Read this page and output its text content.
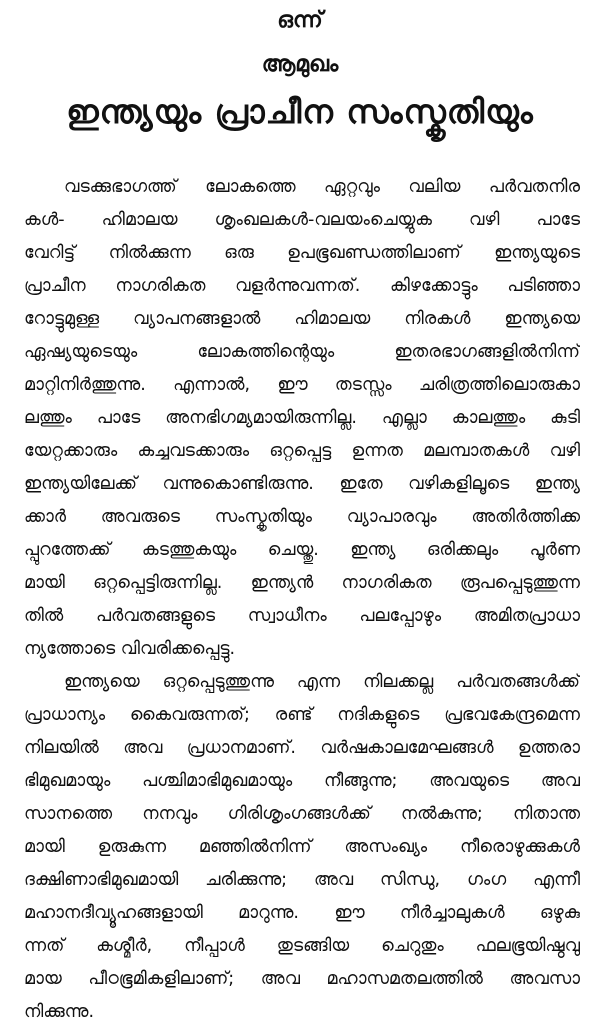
ഒന്ന്
ആമുഖം
ഇന്ത്യയും പ്രാചീന സംസ്കൃതിയും
വടക്കുഭാഗത്ത് ലോകത്തെ ഏറ്റവും വലിയ പർവതനിര
കൾ- ഹിമാലയ ശൃംഖലകൾ-വലയംചെയ്യുക വഴി പാടേ
വേറിട്ട് നിൽക്കുന്ന ഒരു ഉപഭൂഖണ്ഡത്തിലാണ് ഇന്ത്യയുടെ
പ്രാചീന നാഗരികത വളർന്നുവന്നത്. കിഴക്കോട്ടും പടിഞ്ഞാ
റോട്ടുമുള്ള വ്യാപനങ്ങളാൽ ഹിമാലയ നിരകൾ ഇന്ത്യയെ
ഏഷ്യയുടെയും ലോകത്തിന്റെയും ഇതരഭാഗങ്ങളിൽനിന്ന്
മാറ്റിനിർത്തുന്നു. എന്നാൽ, ഈ തടസ്സം ചരിത്രത്തിലൊരുകാ
ലത്തും പാടേ അനഭിഗമ്യമായിരുന്നില്ല. എല്ലാ കാലത്തും കുടി
യേറ്റക്കാരും കച്ചവടക്കാരും ഒറ്റപ്പെട്ട ഉന്നത മലമ്പാതകൾ വഴി
ഇന്ത്യയിലേക്ക് വന്നുകൊണ്ടിരുന്നു. ഇതേ വഴികളിലൂടെ ഇന്ത്യ
ക്കാർ അവരുടെ സംസ്കൃതിയും വ്യാപാരവും അതിർത്തിക്ക
പ്പുറത്തേക്ക് കടത്തുകയും ചെയ്തു. ഇന്ത്യ ഒരിക്കലും പൂർണ
മായി ഒറ്റപ്പെട്ടിരുന്നില്ല. ഇന്ത്യൻ നാഗരികത രൂപപ്പെടുത്തുന്ന
തിൽ പർവതങ്ങളുടെ സ്വാധീനം പലപ്പോഴും അമിതപ്രാധാ
ന്യത്തോടെ വിവരിക്കപ്പെട്ടു.
ഇന്ത്യയെ ഒറ്റപ്പെടുത്തുന്നു എന്ന നിലക്കല്ല പർവതങ്ങൾക്ക്
പ്രാധാന്യം കൈവരുന്നത്; രണ്ട് നദികളുടെ പ്രഭവകേന്ദ്രമെന്ന
നിലയിൽ അവ പ്രധാനമാണ്. വർഷകാലമേഘങ്ങൾ ഉത്തരാ
ഭിമുഖമായും പശ്ചിമാഭിമുഖമായും നീങ്ങുന്നു; അവയുടെ അവ
സാനത്തെ നനവും ഗിരിശൃംഗങ്ങൾക്ക് നൽകുന്നു; നിതാന്ത
മായി ഉരുകുന്ന മഞ്ഞിൽനിന്ന് അസംഖ്യം നീരൊഴുക്കുകൾ
ദക്ഷിണാഭിമുഖമായി ചരിക്കുന്നു; അവ സിന്ധു, ഗംഗ എന്നീ
മഹാനദീവ്യൂഹങ്ങളായി മാറുന്നു. ഈ നീർച്ചാലുകൾ ഒഴുകു
ന്നത് കശ്മീർ, നീപ്പാൾ തുടങ്ങിയ ചെറുതും ഫലഭൂയിഷ്ഠവു
മായ പീഠഭൂമികളിലാണ്; അവ മഹാസമതലത്തിൽ അവസാ
നിക്കുന്നു.
